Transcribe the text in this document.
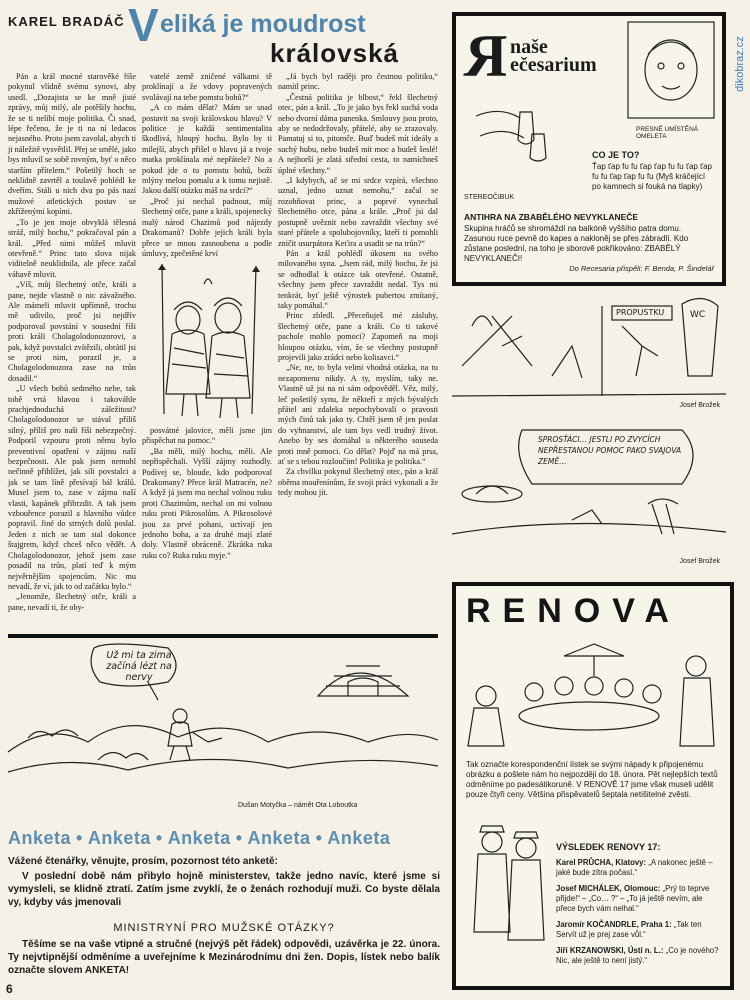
KAREL BRADÁČ V eliká je moudrost
královská

Pán a král mocné starověké říše pokynul vlídně svému synovi, aby usedl. „Dozajista se ke mně jisté zprávy, můj milý, ale potěšily hochu, že se ti nelíbí moje politika. Či snad, lépe řečeno, že je ti na ní ledacos nejasného. Proto jsem zavolal, abych ti ji náležitě vysvětlil. Přej se smělé, jako bys mluvil se sobě rovným, byť o něco starším přítelem.“ Pošetilý hoch se neklidně zavrtěl a toulavě pohlédl ke dveřím. Stáli u nich dva po pás nazí mužové atletických postav se zkříženými kopími.

„To je jen moje obvyklá tělesná stráž, milý hochu,“ pokračoval pán a král. „Před nimi můžeš mluvit otevřeně.“ Princ tato slova nijak viditelně neuklidnila, ale přece začal váhavě mluvit.

„Víš, můj šlechetný otče, králi a pane, nejde vlastně o nic závažného. Ale mámeli mluvit upřímně, trochu mě udivilo, proč jsi nejdřív podporoval povstání v sousední říši proti králi Cholagolodonozorovi, a pak, když povstalci zvítězili, obrátil jsi se proti nim, porazil je, a Cholagolodonozora zase na trůn dosadil.“

„U všech bohů sedmého nebe, tak tobě vrtá hlavou i takováhle prachjednoduchá záležitost? Cholagolodonozor se stával příliš silný, příliš pro naši říši nebezpečný. Podporil vzpouru proti němu bylo preventivní opatření v zájmu naší bezpečnosti. Ale pak jsem nemohl nečinně přihlížet, jak síli povstalci a jak se tam líně přesívají bál králů. Musel jsem to, zase v zájmu naší vlasti, kapánek přibrzdit. A tak jsem vzbouřence porazil a hlavního vůdce popravil. Jiné do strných dolů poslal. Jeden z nich se tam stal dokonce štajgrem, když chceš něco vědět. A Cholagolodonozor, jehož jsem zase posadil na trůn, platí teď k mým nejvěrnějším spojencům. Nic mu nevadí, že ví, jak to od začátku bylo.“

„Jenomže, šlechetný otče, králi a pane, nevadí ti, že oby-

vatelé země zničené válkami tě proklínají a že vdovy popravených svolávají na tebe pomstu bohů?“

„A co mám dělat? Mám se snad postavit na svoji královskou hlavu? V politice je každá sentimentalita škodlivá, hloupý hochu. Bylo by ti milejší, abych přišel o hlavu já a tvoje matka proklínala mé nepřátele? No a pokud jde o tu pomstu bohů, boží mlýny melou pomalu a k tomu nejistě. Jakou další otázku máš na srdci?“

„Proč jsi nechal padnout, můj šlechetný otče, pane a králi, spojenecký malý národ Chazimů pod nájezdy Drakomanů? Dobře jejich králi byla přece se mnou zasnoubena a podle úmluvy, zpečetěné krví

posvátné jalovice, měli jsme jim přispěchat na pomoc.“

„Ba měli, milý hochu, měli. Ale nepřispěchali. Vyšší zájmy rozhodly. Podívej se, bloude, kdo podporoval Drakomany? Přece král Matracén, ne? A když já jsem mu nechal volnou ruku proti Chazimům, nechal on mi volnou ruku proti Pikrosolům. A Pikrosolové jsou za prvé pohani, uctívají jen jednoho boha, a za druhé mají zlaté doly. Vlastně obráceně. Zkrátka ruka ruku co? Ruka ruku myje.“

„Já bych byl raději pro čestnou politiku,“ namítl princ.

„Čestná politika je blbost,“ řekl šlechetný otec, pán a král. „To je jako bys řekl suchá voda nebo dvorní dáma panenka. Smlouvy jsou proto, aby se nedodržovaly, přátelé, aby se zrazovaly. Pamatuj si to, pitomče. Buď budeš mít ideály a suchý hubu, nebo budeš mít moc a budeš šeslé! A nejhorší je zlatá střední cesta, to namíchneš úplné všechny.“

„I kdybych, ač se mi srdce vzpírá, všechno uznal, jedno uznat nemohu,“ začal se rozohňovat princ, a poprvé vynechal šlechetného otce, pána a krále. „Proč jsi dal postupně uvěznit nebo zavraždit všechny své staré přátele a spolubojovníky, kteří ti pomohli zničit usurpátora Keťira a usadit se na trůn?“

Pán a král pohlédl úkosem na svého milovaného syna. „Jsem rád, milý hochu, že jsi se odhodlal k otázce tak otevřené. Ostatně, všechny jsem přece zavraždit nedal. Tys mi tenkrát, byť ještě výrostek pubertou zmítaný, taky pomáhal.“

Princ zbledl. „Přeceňuješ mé zásluhy, šlechetný otče, pane a králi. Co ti takové pachole mohlo pomoci? Zapomeň na moji hloupou otázku, vím, že se všechny postupně projevili jako zrádci nebo kolisavci.“

„Ne, ne, to byla velmi vhodná otázka, na tu nezapomenu nikdy. A ty, myslím, taky ne. Vlastně už jsi na ni sám odpověděl. Věz, milý, leč pošetilý synu, že někteří z mých bývalých přátel ani zdaleka nepochybovali o pravosti mých činů tak jako ty. Chtěl jsem tě jen poslat do vyhnanství, ale tam bys vedl trudný život. Anebo by ses domáhal u některého souseda proti mně pomoci. Co dělat? Pojď na má prsa, ať se s tebou rozloučím! Politika je politika.“

Za chvilku pokynul šlechetný otec, pán a král oběma mouřenínům, že svoji práci vykonali a že tedy mohou jít.

Už mi ta zima začíná lézt na nervy
Dušan Motyčka – námět Ota Loboutka
Anketa • Anketa • Anketa • Anketa • Anketa
Vážené čtenářky, věnujte, prosím, pozornost této anketě:
V poslední době nám přibylo hojně ministerstev, takže jedno navíc, které jsme si vymysleli, se klidně ztratí. Zatím jsme zvyklí, že o ženách rozhodují muži. Co byste dělala vy, kdyby vás jmenovali
MINISTRYNÍ PRO MUŽSKÉ OTÁZKY?
Těšíme se na vaše vtipné a stručné (nejvýš pět řádek) odpovědi, uzávěrka je 22. února. Ty nejvtipnější odměníme a uveřejníme k Mezinárodnímu dni žen. Dopis, lístek nebo balík označte slovem ANKETA!
6
dikobraz.cz
R naše ečesarium
STEREOČIBUK
PRESNĚ UMÍSTĚNÁ OMELETA
CO JE TO?
Ťap ťap fu fu ťap ťap fu fu ťap ťap fu fu ťap ťap fu fu (Myš kráčející po kamnech si fouká na tlapky)
ANTIHRA NA ZBABĚLÉHO NEVYKLANEČE
Skupina hráčů se shromáždí na balkóně vyššího patra domu. Zasunou ruce pevně do kapes a nakloněj se přes zábradlí. Kdo zůstane poslední, na toho je sborově pokřikováno: ZBABĚLÝ NEVYKLANEČI!
Do Recesaria přispěli: F. Benda, P. Šindelář
PROPUSTKU	WC
Josef Brožek
SPROSŤÁCI… JESTLI PO ZVYCÍCH NEPŘESTANOU POMOC PAKO SVAJOVA ZEMĚ…
Josef Brožek
RENOVA
Tak označte korespondenční lístek se svými nápady k připojenému obrázku a pošlete nám ho nejpozději do 18. února. Pět nejlepších textů odměníme po padesátikoruně. V RENOVĚ 17 jsme však museli udělit pouze čtyři ceny. Většina přispěvatelů šeptala netišitelné zvěsti.
VÝSLEDEK RENOVY 17:
Karel PRŮCHA, Klatovy: „A nakonec ještě – jaké bude zítra počasí.“
Josef MICHÁLEK, Olomouc: „Prý to teprve přijde!“ – „Co… ?“ – „To já ještě nevím, ale přece bych vám nelhal.“
Jaromír KOČANDRLE, Praha 1: „Tak ten Servít už je prej zase vůl.“
Jiří KRZANOWSKI, Ústí n. L.: „Co je nového? Nic, ale ještě to není jistý.“
